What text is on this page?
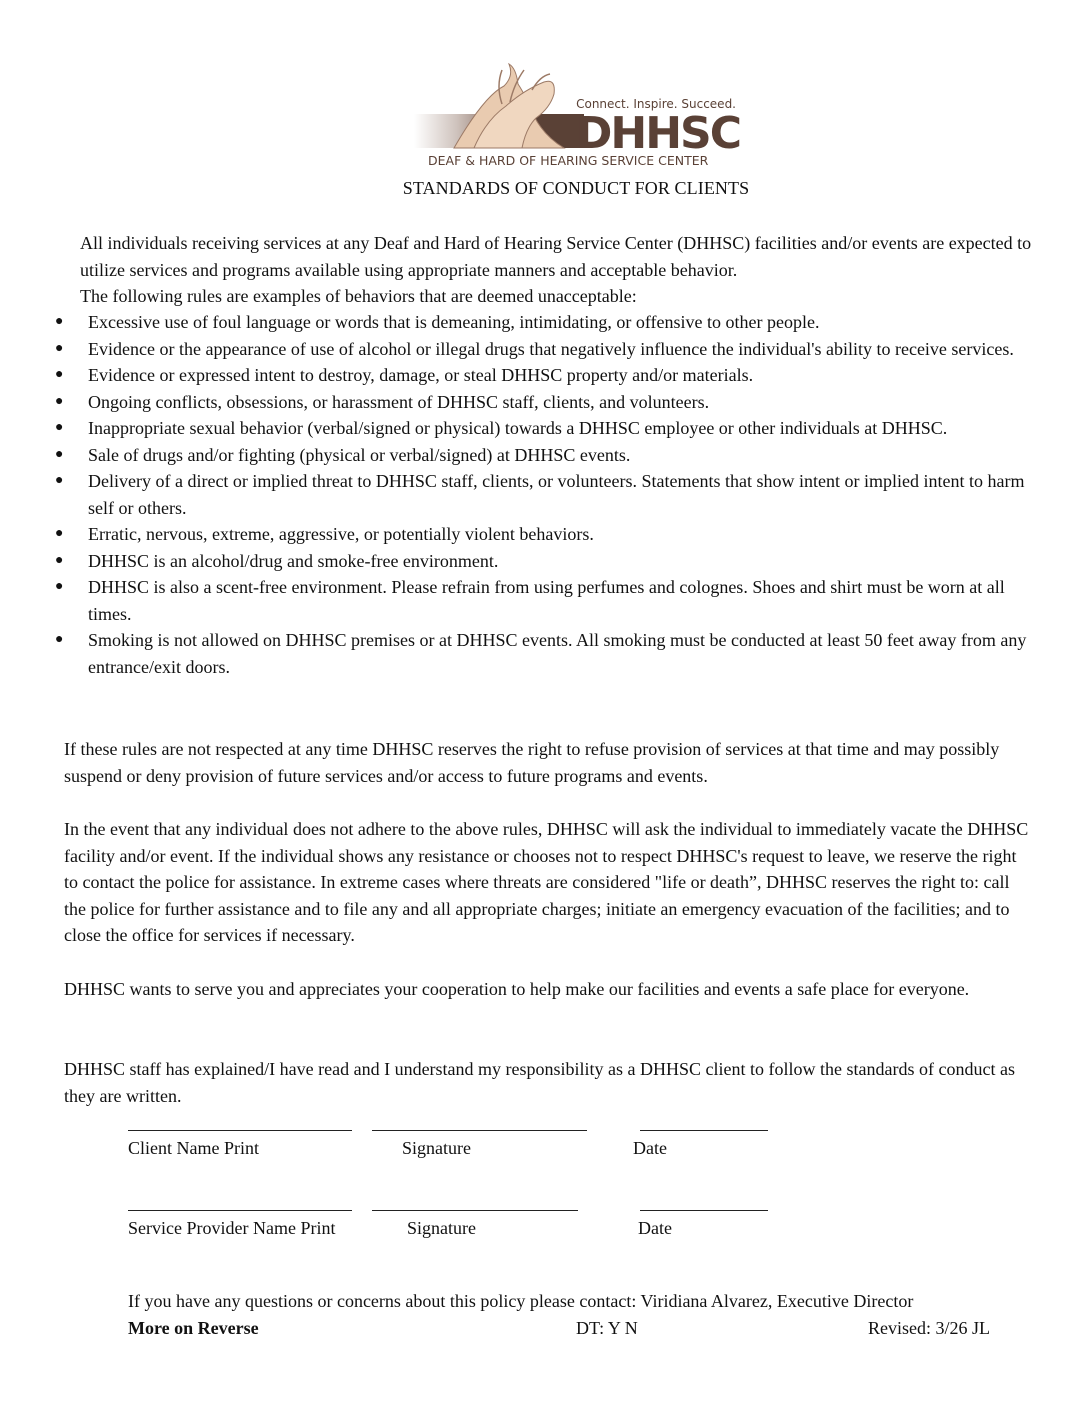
Connect. Inspire. Succeed.
DHHSC
DEAF & HARD OF HEARING SERVICE CENTER
STANDARDS OF CONDUCT FOR CLIENTS
All individuals receiving services at any Deaf and Hard of Hearing Service Center (DHHSC) facilities and/or events are expected to utilize services and programs available using appropriate manners and acceptable behavior.
The following rules are examples of behaviors that are deemed unacceptable:
● Excessive use of foul language or words that is demeaning, intimidating, or offensive to other people.
● Evidence or the appearance of use of alcohol or illegal drugs that negatively influence the individual's ability to receive services.
● Evidence or expressed intent to destroy, damage, or steal DHHSC property and/or materials.
● Ongoing conflicts, obsessions, or harassment of DHHSC staff, clients, and volunteers.
● Inappropriate sexual behavior (verbal/signed or physical) towards a DHHSC employee or other individuals at DHHSC.
● Sale of drugs and/or fighting (physical or verbal/signed) at DHHSC events.
● Delivery of a direct or implied threat to DHHSC staff, clients, or volunteers. Statements that show intent or implied intent to harm self or others.
● Erratic, nervous, extreme, aggressive, or potentially violent behaviors.
● DHHSC is an alcohol/drug and smoke-free environment.
● DHHSC is also a scent-free environment. Please refrain from using perfumes and colognes. Shoes and shirt must be worn at all times.
● Smoking is not allowed on DHHSC premises or at DHHSC events. All smoking must be conducted at least 50 feet away from any entrance/exit doors.
If these rules are not respected at any time DHHSC reserves the right to refuse provision of services at that time and may possibly suspend or deny provision of future services and/or access to future programs and events.
In the event that any individual does not adhere to the above rules, DHHSC will ask the individual to immediately vacate the DHHSC facility and/or event. If the individual shows any resistance or chooses not to respect DHHSC's request to leave, we reserve the right to contact the police for assistance. In extreme cases where threats are considered "life or death”, DHHSC reserves the right to: call the police for further assistance and to file any and all appropriate charges; initiate an emergency evacuation of the facilities; and to close the office for services if necessary.
DHHSC wants to serve you and appreciates your cooperation to help make our facilities and events a safe place for everyone.
DHHSC staff has explained/I have read and I understand my responsibility as a DHHSC client to follow the standards of conduct as they are written.
Client Name Print	Signature	Date
Service Provider Name Print	Signature	Date
If you have any questions or concerns about this policy please contact: Viridiana Alvarez, Executive Director
More on Reverse	DT: Y N	Revised: 3/26 JL
